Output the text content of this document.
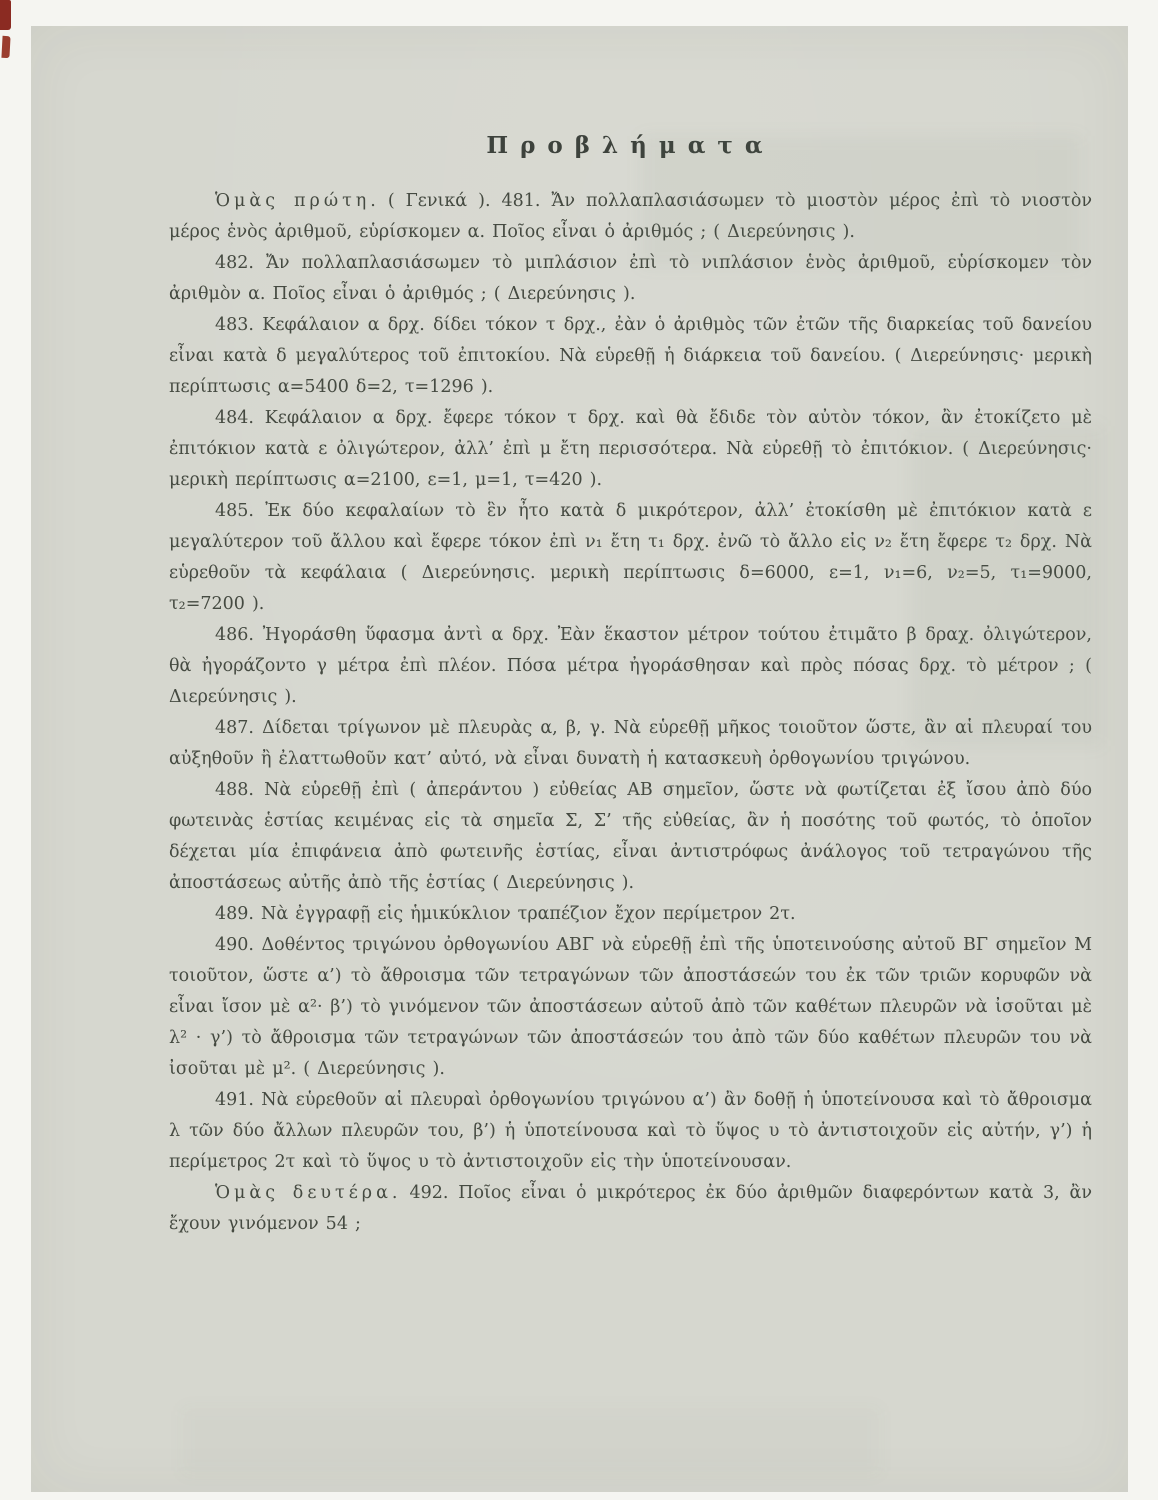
Προβλήματα

Ὁμὰς πρώτη. ( Γενικά ). 481. Ἄν πολλαπλασιάσωμεν τὸ μιοστὸν μέρος ἐπὶ τὸ νιοστὸν μέρος ἑνὸς ἀριθμοῦ, εὑρίσκομεν α. Ποῖος εἶναι ὁ ἀριθμός ; ( Διερεύνησις ).

482. Ἄν πολλαπλασιάσωμεν τὸ μιπλάσιον ἐπὶ τὸ νιπλάσιον ἑνὸς ἀριθμοῦ, εὑρίσκομεν τὸν ἀριθμὸν α. Ποῖος εἶναι ὁ ἀριθμός ; ( Διερεύνησις ).

483. Κεφάλαιον α δρχ. δίδει τόκον τ δρχ., ἐὰν ὁ ἀριθμὸς τῶν ἐτῶν τῆς διαρκείας τοῦ δανείου εἶναι κατὰ δ μεγαλύτερος τοῦ ἐπιτοκίου. Νὰ εὑρεθῇ ἡ διάρκεια τοῦ δανείου. ( Διερεύνησις· μερικὴ περίπτωσις α=5400 δ=2, τ=1296 ).

484. Κεφάλαιον α δρχ. ἔφερε τόκον τ δρχ. καὶ θὰ ἔδιδε τὸν αὐτὸν τόκον, ἂν ἐτοκίζετο μὲ ἐπιτόκιον κατὰ ε ὀλιγώτερον, ἀλλ’ ἐπὶ μ ἔτη περισσότερα. Νὰ εὑρεθῇ τὸ ἐπιτόκιον. ( Διερεύνησις· μερικὴ περίπτωσις α=2100, ε=1, μ=1, τ=420 ).

485. Ἐκ δύο κεφαλαίων τὸ ἓν ἦτο κατὰ δ μικρότερον, ἀλλ’ ἐτοκίσθη μὲ ἐπιτόκιον κατὰ ε μεγαλύτερον τοῦ ἄλλου καὶ ἔφερε τόκον ἐπὶ ν₁ ἔτη τ₁ δρχ. ἐνῶ τὸ ἄλλο εἰς ν₂ ἔτη ἔφερε τ₂ δρχ. Νὰ εὑρεθοῦν τὰ κεφάλαια ( Διερεύνησις. μερικὴ περίπτωσις δ=6000, ε=1, ν₁=6, ν₂=5, τ₁=9000, τ₂=7200 ).

486. Ἠγοράσθη ὕφασμα ἀντὶ α δρχ. Ἐὰν ἕκαστον μέτρον τούτου ἐτιμᾶτο β δραχ. ὀλιγώτερον, θὰ ἠγοράζοντο γ μέτρα ἐπὶ πλέον. Πόσα μέτρα ἠγοράσθησαν καὶ πρὸς πόσας δρχ. τὸ μέτρον ; ( Διερεύνησις ).

487. Δίδεται τρίγωνον μὲ πλευρὰς α, β, γ. Νὰ εὑρεθῇ μῆκος τοιοῦτον ὥστε, ἂν αἱ πλευραί του αὐξηθοῦν ἢ ἐλαττωθοῦν κατ’ αὐτό, νὰ εἶναι δυνατὴ ἡ κατασκευὴ ὀρθογωνίου τριγώνου.

488. Νὰ εὑρεθῇ ἐπὶ ( ἀπεράντου ) εὐθείας ΑΒ σημεῖον, ὥστε νὰ φωτίζεται ἐξ ἴσου ἀπὸ δύο φωτεινὰς ἑστίας κειμένας εἰς τὰ σημεῖα Σ, Σ’ τῆς εὐθείας, ἂν ἡ ποσότης τοῦ φωτός, τὸ ὁποῖον δέχεται μία ἐπιφάνεια ἀπὸ φωτεινῆς ἑστίας, εἶναι ἀντιστρόφως ἀνάλογος τοῦ τετραγώνου τῆς ἀποστάσεως αὐτῆς ἀπὸ τῆς ἑστίας ( Διερεύνησις ).

489. Νὰ ἐγγραφῇ εἰς ἡμικύκλιον τραπέζιον ἔχον περίμετρον 2τ.

490. Δοθέντος τριγώνου ὀρθογωνίου ΑΒΓ νὰ εὑρεθῇ ἐπὶ τῆς ὑποτεινούσης αὐτοῦ ΒΓ σημεῖον Μ τοιοῦτον, ὥστε α’) τὸ ἄθροισμα τῶν τετραγώνων τῶν ἀποστάσεών του ἐκ τῶν τριῶν κορυφῶν νὰ εἶναι ἴσον μὲ α²· β’) τὸ γινόμενον τῶν ἀποστάσεων αὐτοῦ ἀπὸ τῶν καθέτων πλευρῶν νὰ ἰσοῦται μὲ λ² · γ’) τὸ ἄθροισμα τῶν τετραγώνων τῶν ἀποστάσεών του ἀπὸ τῶν δύο καθέτων πλευρῶν του νὰ ἰσοῦται μὲ μ². ( Διερεύνησις ).

491. Νὰ εὑρεθοῦν αἱ πλευραὶ ὀρθογωνίου τριγώνου α’) ἂν δοθῇ ἡ ὑποτείνουσα καὶ τὸ ἄθροισμα λ τῶν δύο ἄλλων πλευρῶν του, β’) ἡ ὑποτείνουσα καὶ τὸ ὕψος υ τὸ ἀντιστοιχοῦν εἰς αὐτήν, γ’) ἡ περίμετρος 2τ καὶ τὸ ὕψος υ τὸ ἀντιστοιχοῦν εἰς τὴν ὑποτείνουσαν.

Ὁμὰς δευτέρα. 492. Ποῖος εἶναι ὁ μικρότερος ἐκ δύο ἀριθμῶν διαφερόντων κατὰ 3, ἂν ἔχουν γινόμενον 54 ;
